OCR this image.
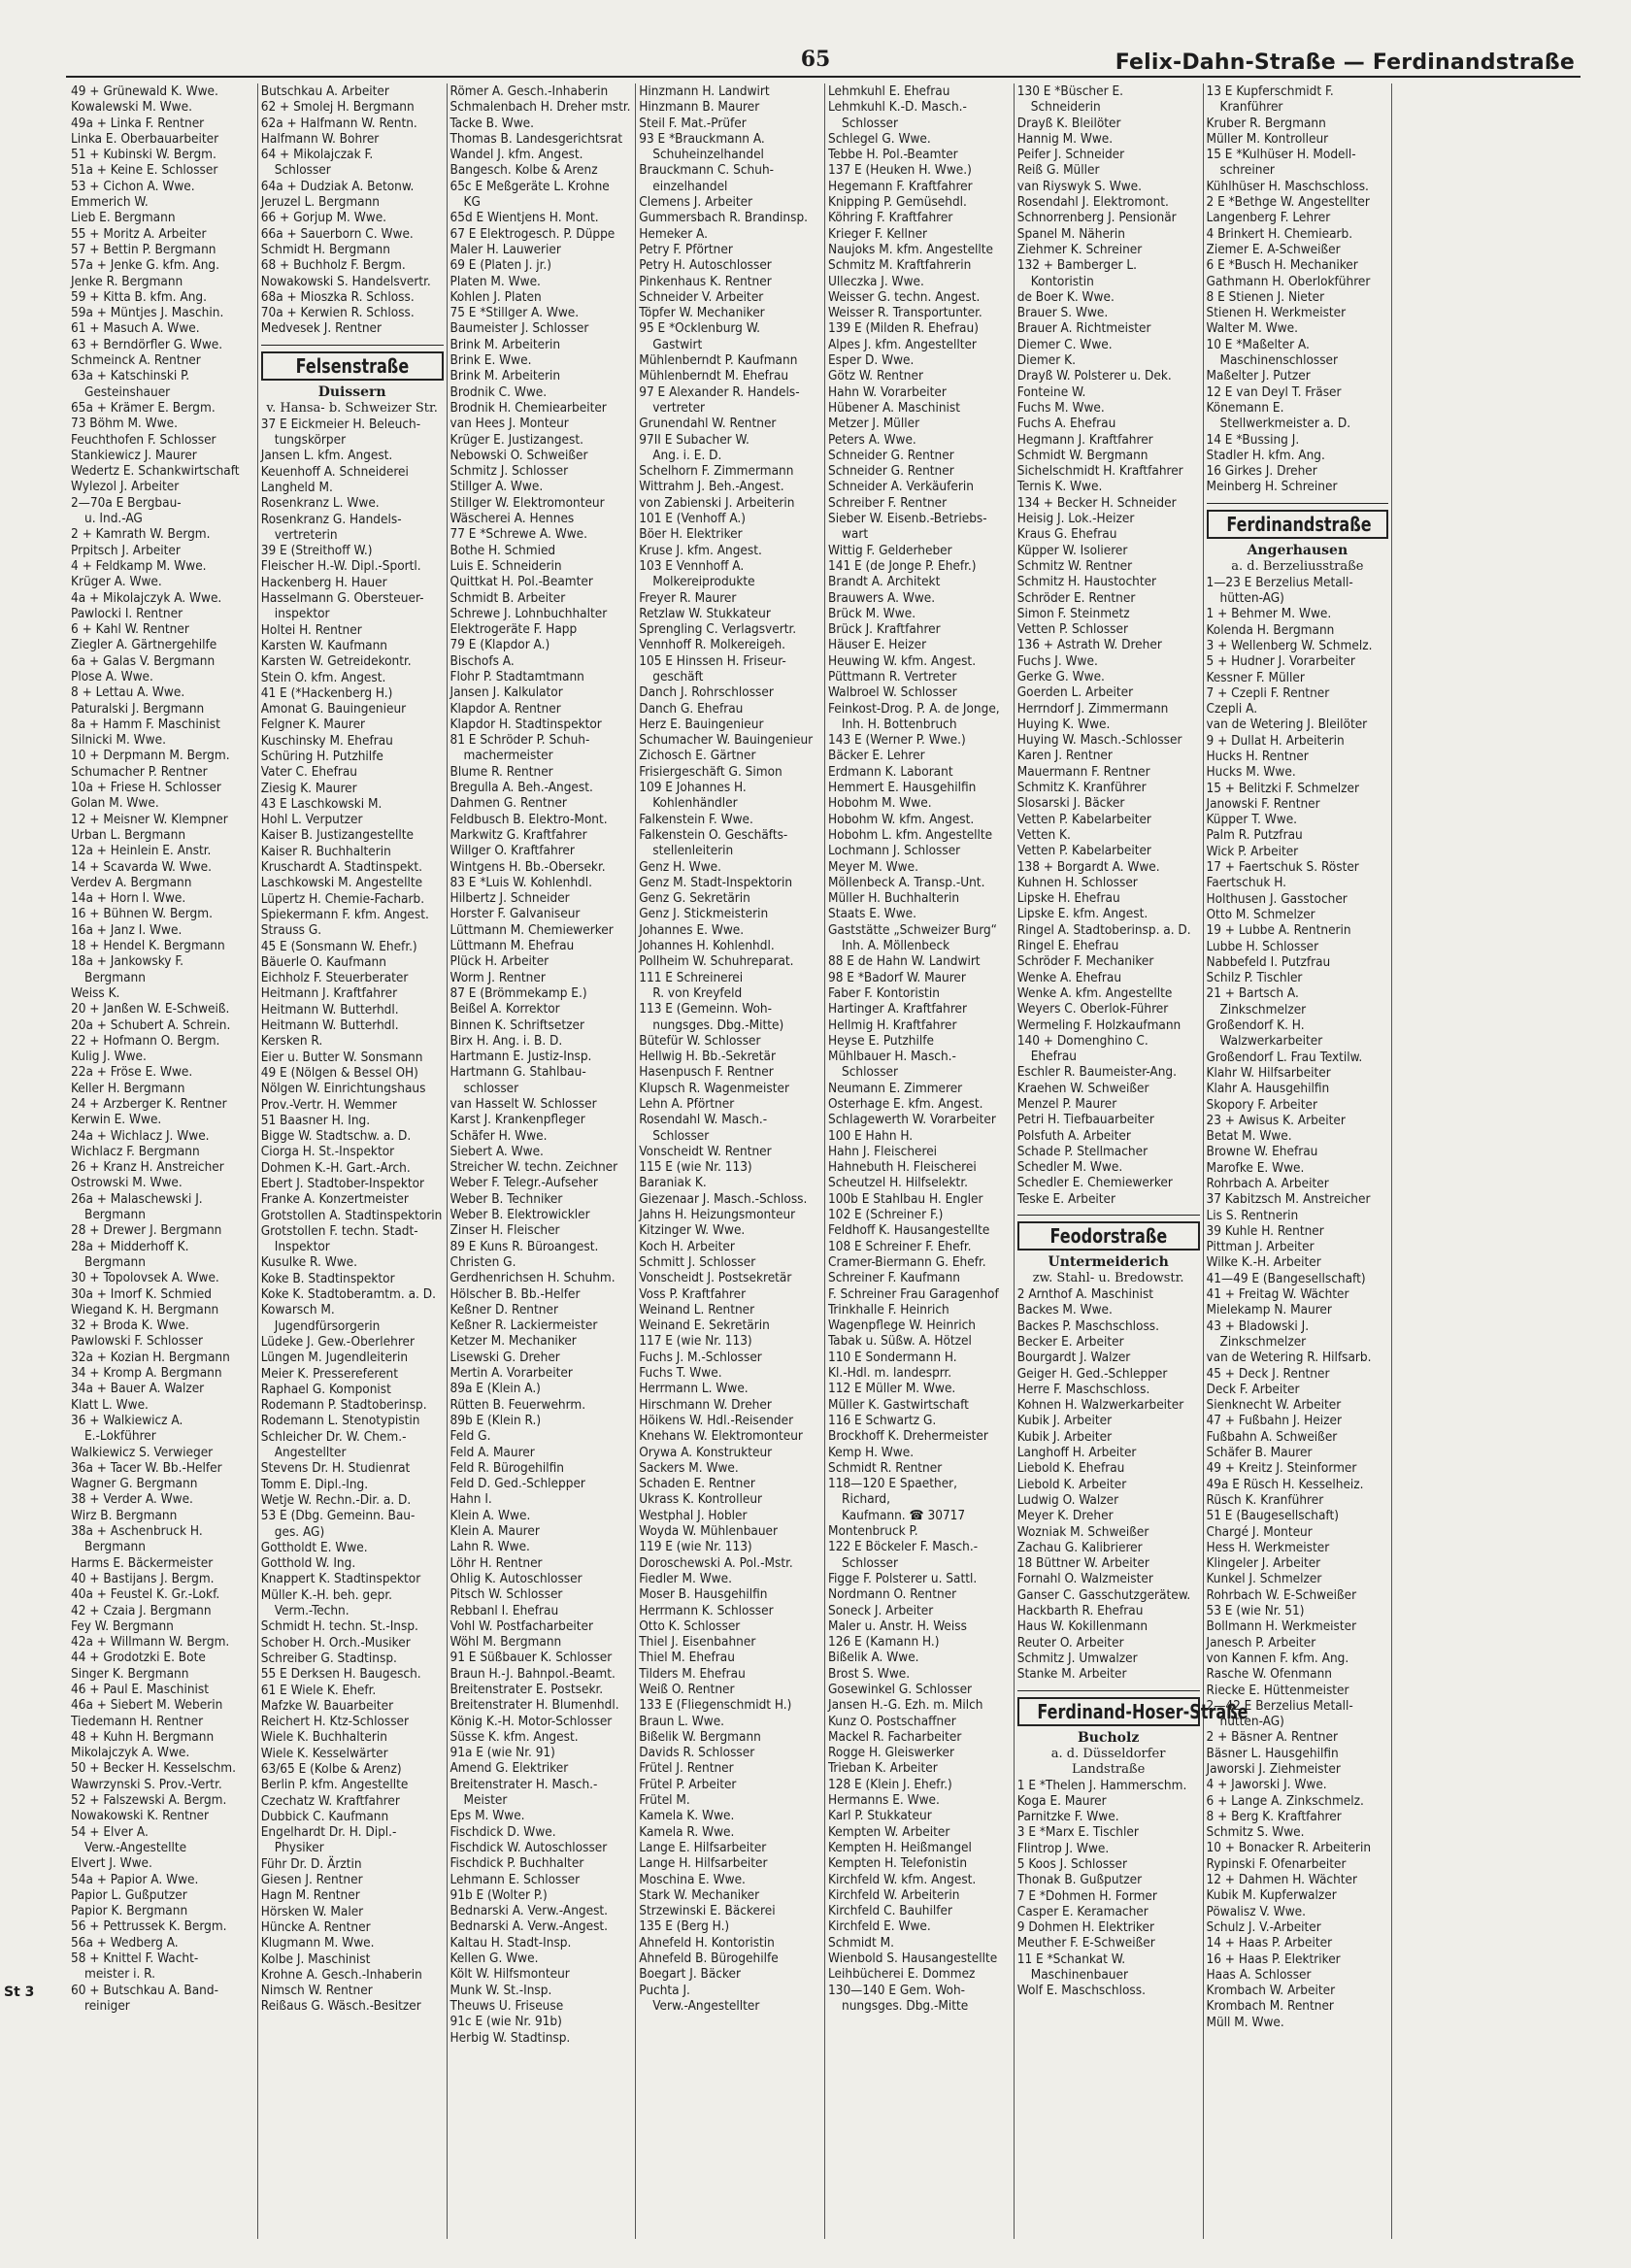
65	Felix-Dahn-Straße — Ferdinandstraße
St 3
49 + Grünewald K. Wwe.
Kowalewski M. Wwe.
49a + Linka F. Rentner
Linka E. Oberbauarbeiter
51 + Kubinski W. Bergm.
51a + Keine E. Schlosser
53 + Cichon A. Wwe.
Emmerich W.
Lieb E. Bergmann
55 + Moritz A. Arbeiter
57 + Bettin P. Bergmann
57a + Jenke G. kfm. Ang.
Jenke R. Bergmann
59 + Kitta B. kfm. Ang.
59a + Müntjes J. Maschin.
61 + Masuch A. Wwe.
63 + Berndörfler G. Wwe.
Schmeinck A. Rentner
63a + Katschinski P.
Gesteinshauer
65a + Krämer E. Bergm.
73 Böhm M. Wwe.
Feuchthofen F. Schlosser
Stankiewicz J. Maurer
Wedertz E. Schankwirtschaft
Wylezol J. Arbeiter
2—70a E Bergbau-
u. Ind.-AG
2 + Kamrath W. Bergm.
Prpitsch J. Arbeiter
4 + Feldkamp M. Wwe.
Krüger A. Wwe.
4a + Mikolajczyk A. Wwe.
Pawlocki I. Rentner
6 + Kahl W. Rentner
Ziegler A. Gärtnergehilfe
6a + Galas V. Bergmann
Plose A. Wwe.
8 + Lettau A. Wwe.
Paturalski J. Bergmann
8a + Hamm F. Maschinist
Silnicki M. Wwe.
10 + Derpmann M. Bergm.
Schumacher P. Rentner
10a + Friese H. Schlosser
Golan M. Wwe.
12 + Meisner W. Klempner
Urban L. Bergmann
12a + Heinlein E. Anstr.
14 + Scavarda W. Wwe.
Verdev A. Bergmann
14a + Horn I. Wwe.
16 + Bühnen W. Bergm.
16a + Janz I. Wwe.
18 + Hendel K. Bergmann
18a + Jankowsky F.
Bergmann
Weiss K.
20 + Janßen W. E-Schweiß.
20a + Schubert A. Schrein.
22 + Hofmann O. Bergm.
Kulig J. Wwe.
22a + Fröse E. Wwe.
Keller H. Bergmann
24 + Arzberger K. Rentner
Kerwin E. Wwe.
24a + Wichlacz J. Wwe.
Wichlacz F. Bergmann
26 + Kranz H. Anstreicher
Ostrowski M. Wwe.
26a + Malaschewski J.
Bergmann
28 + Drewer J. Bergmann
28a + Midderhoff K.
Bergmann
30 + Topolovsek A. Wwe.
30a + Imorf K. Schmied
Wiegand K. H. Bergmann
32 + Broda K. Wwe.
Pawlowski F. Schlosser
32a + Kozian H. Bergmann
34 + Kromp A. Bergmann
34a + Bauer A. Walzer
Klatt L. Wwe.
36 + Walkiewicz A.
E.-Lokführer
Walkiewicz S. Verwieger
36a + Tacer W. Bb.-Helfer
Wagner G. Bergmann
38 + Verder A. Wwe.
Wirz B. Bergmann
38a + Aschenbruck H.
Bergmann
Harms E. Bäckermeister
40 + Bastijans J. Bergm.
40a + Feustel K. Gr.-Lokf.
42 + Czaia J. Bergmann
Fey W. Bergmann
42a + Willmann W. Bergm.
44 + Grodotzki E. Bote
Singer K. Bergmann
46 + Paul E. Maschinist
46a + Siebert M. Weberin
Tiedemann H. Rentner
48 + Kuhn H. Bergmann
Mikolajczyk A. Wwe.
50 + Becker H. Kesselschm.
Wawrzynski S. Prov.-Vertr.
52 + Falszewski A. Bergm.
Nowakowski K. Rentner
54 + Elver A.
Verw.-Angestellte
Elvert J. Wwe.
54a + Papior A. Wwe.
Papior L. Gußputzer
Papior K. Bergmann
56 + Pettrussek K. Bergm.
56a + Wedberg A.
58 + Knittel F. Wacht-
meister i. R.
60 + Butschkau A. Band-
reiniger
Butschkau A. Arbeiter
62 + Smolej H. Bergmann
62a + Halfmann W. Rentn.
Halfmann W. Bohrer
64 + Mikolajczak F.
Schlosser
64a + Dudziak A. Betonw.
Jeruzel L. Bergmann
66 + Gorjup M. Wwe.
66a + Sauerborn C. Wwe.
Schmidt H. Bergmann
68 + Buchholz F. Bergm.
Nowakowski S. Handelsvertr.
68a + Mioszka R. Schloss.
70a + Kerwien R. Schloss.
Medvesek J. Rentner
Felsenstraße
Duissern
v. Hansa- b. Schweizer Str.
37 E Eickmeier H. Beleuch-
tungskörper
Jansen L. kfm. Angest.
Keuenhoff A. Schneiderei
Langheld M.
Rosenkranz L. Wwe.
Rosenkranz G. Handels-
vertreterin
39 E (Streithoff W.)
Fleischer H.-W. Dipl.-Sportl.
Hackenberg H. Hauer
Hasselmann G. Obersteuer-
inspektor
Holtei H. Rentner
Karsten W. Kaufmann
Karsten W. Getreidekontr.
Stein O. kfm. Angest.
41 E (*Hackenberg H.)
Amonat G. Bauingenieur
Felgner K. Maurer
Kuschinsky M. Ehefrau
Schüring H. Putzhilfe
Vater C. Ehefrau
Ziesig K. Maurer
43 E Laschkowski M.
Hohl L. Verputzer
Kaiser B. Justizangestellte
Kaiser R. Buchhalterin
Kruschardt A. Stadtinspekt.
Laschkowski M. Angestellte
Lüpertz H. Chemie-Facharb.
Spiekermann F. kfm. Angest.
Strauss G.
45 E (Sonsmann W. Ehefr.)
Bäuerle O. Kaufmann
Eichholz F. Steuerberater
Heitmann J. Kraftfahrer
Heitmann W. Butterhdl.
Heitmann W. Butterhdl.
Kersken R.
Eier u. Butter W. Sonsmann
49 E (Nölgen & Bessel OH)
Nölgen W. Einrichtungshaus
Prov.-Vertr. H. Wemmer
51 Baasner H. Ing.
Bigge W. Stadtschw. a. D.
Ciorga H. St.-Inspektor
Dohmen K.-H. Gart.-Arch.
Ebert J. Stadtober-Inspektor
Franke A. Konzertmeister
Grotstollen A. Stadtinspektorin
Grotstollen F. techn. Stadt-
Inspektor
Kusulke R. Wwe.
Koke B. Stadtinspektor
Koke K. Stadtoberamtm. a. D.
Kowarsch M.
Jugendfürsorgerin
Lüdeke J. Gew.-Oberlehrer
Lüngen M. Jugendleiterin
Meier K. Pressereferent
Raphael G. Komponist
Rodemann P. Stadtoberinsp.
Rodemann L. Stenotypistin
Schleicher Dr. W. Chem.-
Angestellter
Stevens Dr. H. Studienrat
Tomm E. Dipl.-Ing.
Wetje W. Rechn.-Dir. a. D.
53 E (Dbg. Gemeinn. Bau-
ges. AG)
Gottholdt E. Wwe.
Gotthold W. Ing.
Knappert K. Stadtinspektor
Müller K.-H. beh. gepr.
Verm.-Techn.
Schmidt H. techn. St.-Insp.
Schober H. Orch.-Musiker
Schreiber G. Stadtinsp.
55 E Derksen H. Baugesch.
61 E Wiele K. Ehefr.
Mafzke W. Bauarbeiter
Reichert H. Ktz-Schlosser
Wiele K. Buchhalterin
Wiele K. Kesselwärter
63/65 E (Kolbe & Arenz)
Berlin P. kfm. Angestellte
Czechatz W. Kraftfahrer
Dubbick C. Kaufmann
Engelhardt Dr. H. Dipl.-
Physiker
Führ Dr. D. Ärztin
Giesen J. Rentner
Hagn M. Rentner
Hörsken W. Maler
Hüncke A. Rentner
Klugmann M. Wwe.
Kolbe J. Maschinist
Krohne A. Gesch.-Inhaberin
Nimsch W. Rentner
Reißaus G. Wäsch.-Besitzer
Römer A. Gesch.-Inhaberin
Schmalenbach H. Dreher mstr.
Tacke B. Wwe.
Thomas B. Landesgerichtsrat
Wandel J. kfm. Angest.
Bangesch. Kolbe & Arenz
65c E Meßgeräte L. Krohne
KG
65d E Wientjens H. Mont.
67 E Elektrogesch. P. Düppe
Maler H. Lauwerier
69 E (Platen J. jr.)
Platen M. Wwe.
Kohlen J. Platen
75 E *Stillger A. Wwe.
Baumeister J. Schlosser
Brink M. Arbeiterin
Brink E. Wwe.
Brink M. Arbeiterin
Brodnik C. Wwe.
Brodnik H. Chemiearbeiter
van Hees J. Monteur
Krüger E. Justizangest.
Nebowski O. Schweißer
Schmitz J. Schlosser
Stillger A. Wwe.
Stillger W. Elektromonteur
Wäscherei A. Hennes
77 E *Schrewe A. Wwe.
Bothe H. Schmied
Luis E. Schneiderin
Quittkat H. Pol.-Beamter
Schmidt B. Arbeiter
Schrewe J. Lohnbuchhalter
Elektrogeräte F. Happ
79 E (Klapdor A.)
Bischofs A.
Flohr P. Stadtamtmann
Jansen J. Kalkulator
Klapdor A. Rentner
Klapdor H. Stadtinspektor
81 E Schröder P. Schuh-
machermeister
Blume R. Rentner
Bregulla A. Beh.-Angest.
Dahmen G. Rentner
Feldbusch B. Elektro-Mont.
Markwitz G. Kraftfahrer
Willger O. Kraftfahrer
Wintgens H. Bb.-Obersekr.
83 E *Luis W. Kohlenhdl.
Hilbertz J. Schneider
Horster F. Galvaniseur
Lüttmann M. Chemiewerker
Lüttmann M. Ehefrau
Plück H. Arbeiter
Worm J. Rentner
87 E (Brömmekamp E.)
Beißel A. Korrektor
Binnen K. Schriftsetzer
Birx H. Ang. i. B. D.
Hartmann E. Justiz-Insp.
Hartmann G. Stahlbau-
schlosser
van Hasselt W. Schlosser
Karst J. Krankenpfleger
Schäfer H. Wwe.
Siebert A. Wwe.
Streicher W. techn. Zeichner
Weber F. Telegr.-Aufseher
Weber B. Techniker
Weber B. Elektrowickler
Zinser H. Fleischer
89 E Kuns R. Büroangest.
Christen G.
Gerdhenrichsen H. Schuhm.
Hölscher B. Bb.-Helfer
Keßner D. Rentner
Keßner R. Lackiermeister
Ketzer M. Mechaniker
Lisewski G. Dreher
Mertin A. Vorarbeiter
89a E (Klein A.)
Rütten B. Feuerwehrm.
89b E (Klein R.)
Feld G.
Feld A. Maurer
Feld R. Bürogehilfin
Feld D. Ged.-Schlepper
Hahn I.
Klein A. Wwe.
Klein A. Maurer
Lahn R. Wwe.
Löhr H. Rentner
Ohlig K. Autoschlosser
Pitsch W. Schlosser
Rebbanl I. Ehefrau
Vohl W. Postfacharbeiter
Wöhl M. Bergmann
91 E Süßbauer K. Schlosser
Braun H.-J. Bahnpol.-Beamt.
Breitenstrater E. Postsekr.
Breitenstrater H. Blumenhdl.
König K.-H. Motor-Schlosser
Süsse K. kfm. Angest.
91a E (wie Nr. 91)
Amend G. Elektriker
Breitenstrater H. Masch.-
Meister
Eps M. Wwe.
Fischdick D. Wwe.
Fischdick W. Autoschlosser
Fischdick P. Buchhalter
Lehmann E. Schlosser
91b E (Wolter P.)
Bednarski A. Verw.-Angest.
Bednarski A. Verw.-Angest.
Kaltau H. Stadt-Insp.
Kellen G. Wwe.
Költ W. Hilfsmonteur
Munk W. St.-Insp.
Theuws U. Friseuse
91c E (wie Nr. 91b)
Herbig W. Stadtinsp.
Hinzmann H. Landwirt
Hinzmann B. Maurer
Steil F. Mat.-Prüfer
93 E *Brauckmann A.
Schuheinzelhandel
Brauckmann C. Schuh-
einzelhandel
Clemens J. Arbeiter
Gummersbach R. Brandinsp.
Hemeker A.
Petry F. Pförtner
Petry H. Autoschlosser
Pinkenhaus K. Rentner
Schneider V. Arbeiter
Töpfer W. Mechaniker
95 E *Ocklenburg W.
Gastwirt
Mühlenberndt P. Kaufmann
Mühlenberndt M. Ehefrau
97 E Alexander R. Handels-
vertreter
Grunendahl W. Rentner
97II E Subacher W.
Ang. i. E. D.
Schelhorn F. Zimmermann
Wittrahm J. Beh.-Angest.
von Zabienski J. Arbeiterin
101 E (Venhoff A.)
Böer H. Elektriker
Kruse J. kfm. Angest.
103 E Vennhoff A.
Molkereiprodukte
Freyer R. Maurer
Retzlaw W. Stukkateur
Sprengling C. Verlagsvertr.
Vennhoff R. Molkereigeh.
105 E Hinssen H. Friseur-
geschäft
Danch J. Rohrschlosser
Danch G. Ehefrau
Herz E. Bauingenieur
Schumacher W. Bauingenieur
Zichosch E. Gärtner
Frisiergeschäft G. Simon
109 E Johannes H.
Kohlenhändler
Falkenstein F. Wwe.
Falkenstein O. Geschäfts-
stellenleiterin
Genz H. Wwe.
Genz M. Stadt-Inspektorin
Genz G. Sekretärin
Genz J. Stickmeisterin
Johannes E. Wwe.
Johannes H. Kohlenhdl.
Pollheim W. Schuhreparat.
111 E Schreinerei
R. von Kreyfeld
113 E (Gemeinn. Woh-
nungsges. Dbg.-Mitte)
Bütefür W. Schlosser
Hellwig H. Bb.-Sekretär
Hasenpusch F. Rentner
Klupsch R. Wagenmeister
Lehn A. Pförtner
Rosendahl W. Masch.-
Schlosser
Vonscheidt W. Rentner
115 E (wie Nr. 113)
Baraniak K.
Giezenaar J. Masch.-Schloss.
Jahns H. Heizungsmonteur
Kitzinger W. Wwe.
Koch H. Arbeiter
Schmitt J. Schlosser
Vonscheidt J. Postsekretär
Voss P. Kraftfahrer
Weinand L. Rentner
Weinand E. Sekretärin
117 E (wie Nr. 113)
Fuchs J. M.-Schlosser
Fuchs T. Wwe.
Herrmann L. Wwe.
Hirschmann W. Dreher
Höikens W. Hdl.-Reisender
Knehans W. Elektromonteur
Orywa A. Konstrukteur
Sackers M. Wwe.
Schaden E. Rentner
Ukrass K. Kontrolleur
Westphal J. Hobler
Woyda W. Mühlenbauer
119 E (wie Nr. 113)
Doroschewski A. Pol.-Mstr.
Fiedler M. Wwe.
Moser B. Hausgehilfin
Herrmann K. Schlosser
Otto K. Schlosser
Thiel J. Eisenbahner
Thiel M. Ehefrau
Tilders M. Ehefrau
Weiß O. Rentner
133 E (Fliegenschmidt H.)
Braun L. Wwe.
Bißelik W. Bergmann
Davids R. Schlosser
Frütel J. Rentner
Frütel P. Arbeiter
Frütel M.
Kamela K. Wwe.
Kamela R. Wwe.
Lange E. Hilfsarbeiter
Lange H. Hilfsarbeiter
Moschina E. Wwe.
Stark W. Mechaniker
Strzewinski E. Bäckerei
135 E (Berg H.)
Ahnefeld H. Kontoristin
Ahnefeld B. Bürogehilfe
Boegart J. Bäcker
Puchta J.
Verw.-Angestellter
Lehmkuhl E. Ehefrau
Lehmkuhl K.-D. Masch.-
Schlosser
Schlegel G. Wwe.
Tebbe H. Pol.-Beamter
137 E (Heuken H. Wwe.)
Hegemann F. Kraftfahrer
Knipping P. Gemüsehdl.
Köhring F. Kraftfahrer
Krieger F. Kellner
Naujoks M. kfm. Angestellte
Schmitz M. Kraftfahrerin
Ulleczka J. Wwe.
Weisser G. techn. Angest.
Weisser R. Transportunter.
139 E (Milden R. Ehefrau)
Alpes J. kfm. Angestellter
Esper D. Wwe.
Götz W. Rentner
Hahn W. Vorarbeiter
Hübener A. Maschinist
Metzer J. Müller
Peters A. Wwe.
Schneider G. Rentner
Schneider G. Rentner
Schneider A. Verkäuferin
Schreiber F. Rentner
Sieber W. Eisenb.-Betriebs-
wart
Wittig F. Gelderheber
141 E (de Jonge P. Ehefr.)
Brandt A. Architekt
Brauwers A. Wwe.
Brück M. Wwe.
Brück J. Kraftfahrer
Häuser E. Heizer
Heuwing W. kfm. Angest.
Püttmann R. Vertreter
Walbroel W. Schlosser
Feinkost-Drog. P. A. de Jonge,
Inh. H. Bottenbruch
143 E (Werner P. Wwe.)
Bäcker E. Lehrer
Erdmann K. Laborant
Hemmert E. Hausgehilfin
Hobohm M. Wwe.
Hobohm W. kfm. Angest.
Hobohm L. kfm. Angestellte
Lochmann J. Schlosser
Meyer M. Wwe.
Möllenbeck A. Transp.-Unt.
Müller H. Buchhalterin
Staats E. Wwe.
Gaststätte „Schweizer Burg“
Inh. A. Möllenbeck
88 E de Hahn W. Landwirt
98 E *Badorf W. Maurer
Faber F. Kontoristin
Hartinger A. Kraftfahrer
Hellmig H. Kraftfahrer
Heyse E. Putzhilfe
Mühlbauer H. Masch.-
Schlosser
Neumann E. Zimmerer
Osterhage E. kfm. Angest.
Schlagewerth W. Vorarbeiter
100 E Hahn H.
Hahn J. Fleischerei
Hahnebuth H. Fleischerei
Scheutzel H. Hilfselektr.
100b E Stahlbau H. Engler
102 E (Schreiner F.)
Feldhoff K. Hausangestellte
108 E Schreiner F. Ehefr.
Cramer-Biermann G. Ehefr.
Schreiner F. Kaufmann
F. Schreiner Frau Garagenhof
Trinkhalle F. Heinrich
Wagenpflege W. Heinrich
Tabak u. Süßw. A. Hötzel
110 E Sondermann H.
Kl.-Hdl. m. landesprr.
112 E Müller M. Wwe.
Müller K. Gastwirtschaft
116 E Schwartz G.
Brockhoff K. Drehermeister
Kemp H. Wwe.
Schmidt R. Rentner
118—120 E Spaether,
Richard,
Kaufmann. ☎ 30717
Montenbruck P.
122 E Böckeler F. Masch.-
Schlosser
Figge F. Polsterer u. Sattl.
Nordmann O. Rentner
Soneck J. Arbeiter
Maler u. Anstr. H. Weiss
126 E (Kamann H.)
Bißelik A. Wwe.
Brost S. Wwe.
Gosewinkel G. Schlosser
Jansen H.-G. Ezh. m. Milch
Kunz O. Postschaffner
Mackel R. Facharbeiter
Rogge H. Gleiswerker
Trieban K. Arbeiter
128 E (Klein J. Ehefr.)
Hermanns E. Wwe.
Karl P. Stukkateur
Kempten W. Arbeiter
Kempten H. Heißmangel
Kempten H. Telefonistin
Kirchfeld W. kfm. Angest.
Kirchfeld W. Arbeiterin
Kirchfeld C. Bauhilfer
Kirchfeld E. Wwe.
Schmidt M.
Wienbold S. Hausangestellte
Leihbücherei E. Dommez
130—140 E Gem. Woh-
nungsges. Dbg.-Mitte
130 E *Büscher E.
Schneiderin
Drayß K. Bleilöter
Hannig M. Wwe.
Peifer J. Schneider
Reiß G. Müller
van Riyswyk S. Wwe.
Rosendahl J. Elektromont.
Schnorrenberg J. Pensionär
Spanel M. Näherin
Ziehmer K. Schreiner
132 + Bamberger L.
Kontoristin
de Boer K. Wwe.
Brauer S. Wwe.
Brauer A. Richtmeister
Diemer C. Wwe.
Diemer K.
Drayß W. Polsterer u. Dek.
Fonteine W.
Fuchs M. Wwe.
Fuchs A. Ehefrau
Hegmann J. Kraftfahrer
Schmidt W. Bergmann
Sichelschmidt H. Kraftfahrer
Ternis K. Wwe.
134 + Becker H. Schneider
Heisig J. Lok.-Heizer
Kraus G. Ehefrau
Küpper W. Isolierer
Schmitz W. Rentner
Schmitz H. Haustochter
Schröder E. Rentner
Simon F. Steinmetz
Vetten P. Schlosser
136 + Astrath W. Dreher
Fuchs J. Wwe.
Gerke G. Wwe.
Goerden L. Arbeiter
Herrndorf J. Zimmermann
Huying K. Wwe.
Huying W. Masch.-Schlosser
Karen J. Rentner
Mauermann F. Rentner
Schmitz K. Kranführer
Slosarski J. Bäcker
Vetten P. Kabelarbeiter
Vetten K.
Vetten P. Kabelarbeiter
138 + Borgardt A. Wwe.
Kuhnen H. Schlosser
Lipske H. Ehefrau
Lipske E. kfm. Angest.
Ringel A. Stadtoberinsp. a. D.
Ringel E. Ehefrau
Schröder F. Mechaniker
Wenke A. Ehefrau
Wenke A. kfm. Angestellte
Weyers C. Oberlok-Führer
Wermeling F. Holzkaufmann
140 + Domenghino C.
Ehefrau
Eschler R. Baumeister-Ang.
Kraehen W. Schweißer
Menzel P. Maurer
Petri H. Tiefbauarbeiter
Polsfuth A. Arbeiter
Schade P. Stellmacher
Schedler M. Wwe.
Schedler E. Chemiewerker
Teske E. Arbeiter
Feodorstraße
Untermeiderich
zw. Stahl- u. Bredowstr.
2 Arnthof A. Maschinist
Backes M. Wwe.
Backes P. Maschschloss.
Becker E. Arbeiter
Bourgardt J. Walzer
Geiger H. Ged.-Schlepper
Herre F. Maschschloss.
Kohnen H. Walzwerkarbeiter
Kubik J. Arbeiter
Kubik J. Arbeiter
Langhoff H. Arbeiter
Liebold K. Ehefrau
Liebold K. Arbeiter
Ludwig O. Walzer
Meyer K. Dreher
Wozniak M. Schweißer
Zachau G. Kalibrierer
18 Büttner W. Arbeiter
Fornahl O. Walzmeister
Ganser C. Gasschutzgerätew.
Hackbarth R. Ehefrau
Haus W. Kokillenmann
Reuter O. Arbeiter
Schmitz J. Umwalzer
Stanke M. Arbeiter
Ferdinand-Hoser-Straße
Bucholz
a. d. Düsseldorfer Landstraße
1 E *Thelen J. Hammerschm.
Koga E. Maurer
Parnitzke F. Wwe.
3 E *Marx E. Tischler
Flintrop J. Wwe.
5 Koos J. Schlosser
Thonak B. Gußputzer
7 E *Dohmen H. Former
Casper E. Keramacher
9 Dohmen H. Elektriker
Meuther F. E-Schweißer
11 E *Schankat W.
Maschinenbauer
Wolf E. Maschschloss.
13 E Kupferschmidt F.
Kranführer
Kruber R. Bergmann
Müller M. Kontrolleur
15 E *Kulhüser H. Modell-
schreiner
Kühlhüser H. Maschschloss.
2 E *Bethge W. Angestellter
Langenberg F. Lehrer
4 Brinkert H. Chemiearb.
Ziemer E. A-Schweißer
6 E *Busch H. Mechaniker
Gathmann H. Oberlokführer
8 E Stienen J. Nieter
Stienen H. Werkmeister
Walter M. Wwe.
10 E *Maßelter A.
Maschinenschlosser
Maßelter J. Putzer
12 E van Deyl T. Fräser
Könemann E.
Stellwerkmeister a. D.
14 E *Bussing J.
Stadler H. kfm. Ang.
16 Girkes J. Dreher
Meinberg H. Schreiner
Ferdinandstraße
Angerhausen
a. d. Berzeliusstraße
1—23 E Berzelius Metall-
hütten-AG)
1 + Behmer M. Wwe.
Kolenda H. Bergmann
3 + Wellenberg W. Schmelz.
5 + Hudner J. Vorarbeiter
Kessner F. Müller
7 + Czepli F. Rentner
Czepli A.
van de Wetering J. Bleilöter
9 + Dullat H. Arbeiterin
Hucks H. Rentner
Hucks M. Wwe.
15 + Belitzki F. Schmelzer
Janowski F. Rentner
Küpper T. Wwe.
Palm R. Putzfrau
Wick P. Arbeiter
17 + Faertschuk S. Röster
Faertschuk H.
Holthusen J. Gasstocher
Otto M. Schmelzer
19 + Lubbe A. Rentnerin
Lubbe H. Schlosser
Nabbefeld I. Putzfrau
Schilz P. Tischler
21 + Bartsch A.
Zinkschmelzer
Großendorf K. H.
Walzwerkarbeiter
Großendorf L. Frau Textilw.
Klahr W. Hilfsarbeiter
Klahr A. Hausgehilfin
Skopory F. Arbeiter
23 + Awisus K. Arbeiter
Betat M. Wwe.
Browne W. Ehefrau
Marofke E. Wwe.
Rohrbach A. Arbeiter
37 Kabitzsch M. Anstreicher
Lis S. Rentnerin
39 Kuhle H. Rentner
Pittman J. Arbeiter
Wilke K.-H. Arbeiter
41—49 E (Bangesellschaft)
41 + Freitag W. Wächter
Mielekamp N. Maurer
43 + Bladowski J.
Zinkschmelzer
van de Wetering R. Hilfsarb.
45 + Deck J. Rentner
Deck F. Arbeiter
Sienknecht W. Arbeiter
47 + Fußbahn J. Heizer
Fußbahn A. Schweißer
Schäfer B. Maurer
49 + Kreitz J. Steinformer
49a E Rüsch H. Kesselheiz.
Rüsch K. Kranführer
51 E (Baugesellschaft)
Chargé J. Monteur
Hess H. Werkmeister
Klingeler J. Arbeiter
Kunkel J. Schmelzer
Rohrbach W. E-Schweißer
53 E (wie Nr. 51)
Bollmann H. Werkmeister
Janesch P. Arbeiter
von Kannen F. kfm. Ang.
Rasche W. Ofenmann
Riecke E. Hüttenmeister
2—42 E Berzelius Metall-
hütten-AG)
2 + Bäsner A. Rentner
Bäsner L. Hausgehilfin
Jaworski J. Ziehmeister
4 + Jaworski J. Wwe.
6 + Lange A. Zinkschmelz.
8 + Berg K. Kraftfahrer
Schmitz S. Wwe.
10 + Bonacker R. Arbeiterin
Rypinski F. Ofenarbeiter
12 + Dahmen H. Wächter
Kubik M. Kupferwalzer
Pöwalisz V. Wwe.
Schulz J. V.-Arbeiter
14 + Haas P. Arbeiter
16 + Haas P. Elektriker
Haas A. Schlosser
Krombach W. Arbeiter
Krombach M. Rentner
Müll M. Wwe.
